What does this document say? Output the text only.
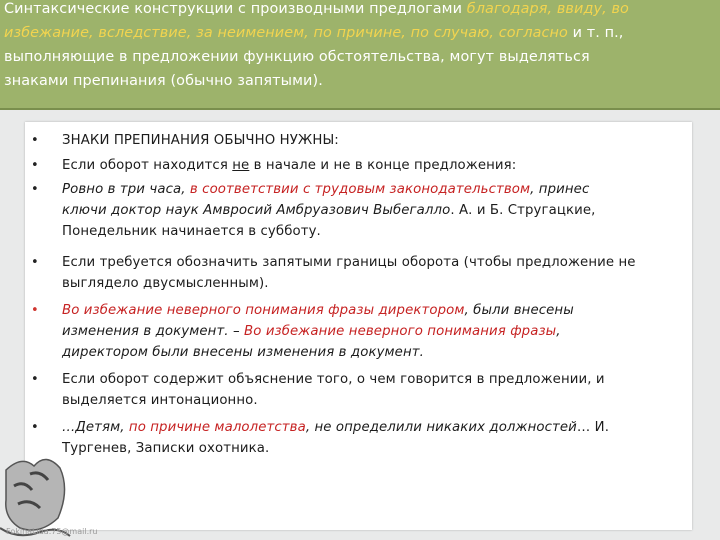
Синтаксические конструкции с производными предлогами благодаря, ввиду, во
избежание, вследствие, за неимением, по причине, по случаю, согласно и т. п.,
выполняющие в предложении функцию обстоятельства, могут выделяться
знаками препинания (обычно запятыми).
• ЗНАКИ ПРЕПИНАНИЯ ОБЫЧНО НУЖНЫ:
• Если оборот находится не в начале и не в конце предложения:
• Ровно в три часа, в соответствии с трудовым законодательством, принес
ключи доктор наук Амвросий Амбруазович Выбегалло. А. и Б. Стругацкие,
Понедельник начинается в субботу.
• Если требуется обозначить запятыми границы оборота (чтобы предложение не
выглядело двусмысленным).
• Во избежание неверного понимания фразы директором, были внесены
изменения в документ. – Во избежание неверного понимания фразы,
директором были внесены изменения в документ.
• Если оборот содержит объяснение того, о чем говорится в предложении, и
выделяется интонационно.
• …Детям, по причине малолетства, не определили никаких должностей… И.
Тургенев, Записки охотника.
FokinaLida.75@mail.ru
